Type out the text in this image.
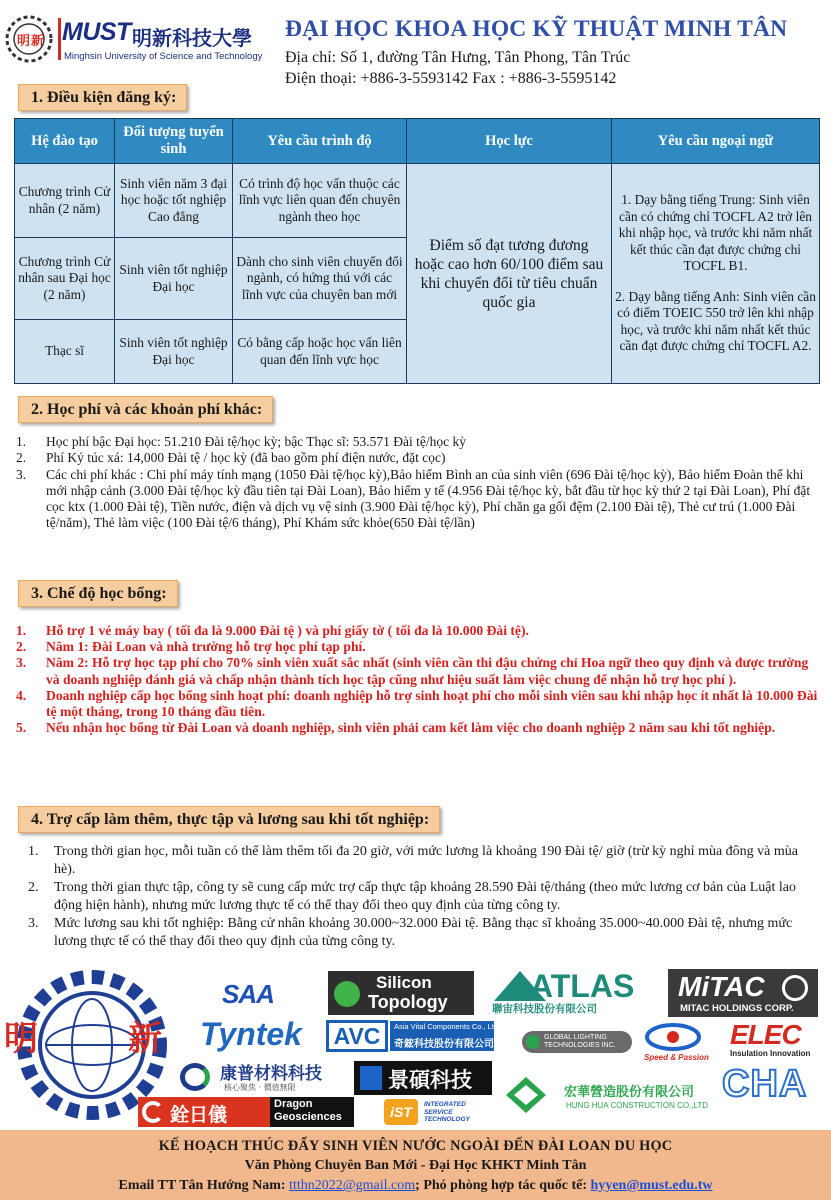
明 新 MUST 明新科技大學
Minghsin University of Science and Technology
ĐẠI HỌC KHOA HỌC KỸ THUẬT MINH TÂN
Địa chỉ: Số 1, đường Tân Hưng, Tân Phong, Tân Trúc
Điện thoại: +886-3-5593142 Fax : +886-3-5595142
1. Điều kiện đăng ký:
Hệ đào tạo	Đối tượng tuyển sinh	Yêu cầu trình độ	Học lực	Yêu cầu ngoại ngữ
Chương trình Cử nhân (2 năm)	Sinh viên năm 3 đại học hoặc tốt nghiệp Cao đẳng	Có trình độ học vấn thuộc các lĩnh vực liên quan đến chuyên ngành theo học	Điểm số đạt tương đương hoặc cao hơn 60/100 điểm sau khi chuyển đổi từ tiêu chuẩn quốc gia	1. Dạy bằng tiếng Trung: Sinh viên cần có chứng chỉ TOCFL A2 trở lên khi nhập học, và trước khi năm nhất kết thúc cần đạt được chứng chỉ TOCFL B1.

2. Dạy bằng tiếng Anh: Sinh viên cần có điểm TOEIC 550 trở lên khi nhập học, và trước khi năm nhất kết thúc cần đạt được chứng chỉ TOCFL A2.

Chương trình Cử nhân sau Đại học (2 năm)	Sinh viên tốt nghiệp Đại học	Dành cho sinh viên chuyển đổi ngành, có hứng thú với các lĩnh vực của chuyên ban mới		
Thạc sĩ	Sinh viên tốt nghiệp Đại học	Có bằng cấp hoặc học vấn liên quan đến lĩnh vực học		
2. Học phí và các khoản phí khác:
1. Học phí bậc Đại học: 51.210 Đài tệ/học kỳ; bậc Thạc sĩ: 53.571 Đài tệ/học kỳ
2. Phí Ký túc xá: 14,000 Đài tệ / học kỳ (đã bao gồm phí điện nước, đặt cọc)
3. Các chi phí khác : Chi phí máy tính mạng (1050 Đài tệ/học kỳ),Bảo hiểm Bình an của sinh viên (696 Đài tệ/học kỳ), Bảo hiểm Đoàn thể khi mới nhập cảnh (3.000 Đài tệ/học kỳ đầu tiên tại Đài Loan), Bảo hiểm y tế (4.956 Đài tệ/học kỳ, bắt đầu từ học kỳ thứ 2 tại Đài Loan), Phí đặt cọc ktx (1.000 Đài tệ), Tiền nước, điện và dịch vụ vệ sinh (3.900 Đài tệ/học kỳ), Phí chăn ga gối đệm (2.100 Đài tệ), Thẻ cư trú (1.000 Đài tệ/năm), Thẻ làm việc (100 Đài tệ/6 tháng), Phí Khám sức khỏe(650 Đài tệ/lần)
3. Chế độ học bổng:
1. Hỗ trợ 1 vé máy bay ( tối đa là 9.000 Đài tệ ) và phí giấy tờ ( tối đa là 10.000 Đài tệ).
2. Năm 1: Đài Loan và nhà trường hỗ trợ học phí tạp phí.
3. Năm 2: Hỗ trợ học tạp phí cho 70% sinh viên xuất sắc nhất (sinh viên cần thi đậu chứng chỉ Hoa ngữ theo quy định và được trường và doanh nghiệp đánh giá và chấp nhận thành tích học tập cũng như hiệu suất làm việc chung để nhận hỗ trợ học phí ).
4. Doanh nghiệp cấp học bổng sinh hoạt phí: doanh nghiệp hỗ trợ sinh hoạt phí cho mỗi sinh viên sau khi nhập học ít nhất là 10.000 Đài tệ một tháng, trong 10 tháng đầu tiên.
5. Nếu nhận học bổng từ Đài Loan và doanh nghiệp, sinh viên phải cam kết làm việc cho doanh nghiệp 2 năm sau khi tốt nghiệp.
4. Trợ cấp làm thêm, thực tập và lương sau khi tốt nghiệp:
1. Trong thời gian học, mỗi tuần có thể làm thêm tối đa 20 giờ, với mức lương là khoảng 190 Đài tệ/ giờ (trừ kỳ nghỉ mùa đông và mùa hè).
2. Trong thời gian thực tập, công ty sẽ cung cấp mức trợ cấp thực tập khoảng 28.590 Đài tệ/tháng (theo mức lương cơ bản của Luật lao động hiện hành), nhưng mức lương thực tế có thể thay đổi theo quy định của từng công ty.
3. Mức lương sau khi tốt nghiệp: Bằng cử nhân khoảng 30.000~32.000 Đài tệ. Bằng thạc sĩ khoảng 35.000~40.000 Đài tệ, nhưng mức lương thực tế có thể thay đổi theo quy định của từng công ty.
明	新
SAA	Silicon
Topology	ATLAS
聯宙科技股份有限公司
MiTAC
MITAC HOLDINGS CORP.
Tyntek	AVC	Asia Vital Components Co., Ltd.
奇鋐科技股份有限公司
GLOBAL LIGHTING TECHNOLOGIES INC.
Speed & Passion
ELEC
Insulation Innovation
康普材料科技
核心聚焦 · 價值無限	景碩科技
宏華營造股份有限公司
HUNG HUA CONSTRUCTION CO.,LTD
CHA
銓日儀	Dragon
Geosciences	iST	INTEGRATED SERVICE TECHNOLOGY
KẾ HOẠCH THÚC ĐẨY SINH VIÊN NƯỚC NGOÀI ĐẾN ĐÀI LOAN DU HỌC
Văn Phòng Chuyên Ban Mới - Đại Học KHKT Minh Tân
Email TT Tân Hướng Nam: ttthn2022@gmail.com; Phó phòng hợp tác quốc tế: hyyen@must.edu.tw
